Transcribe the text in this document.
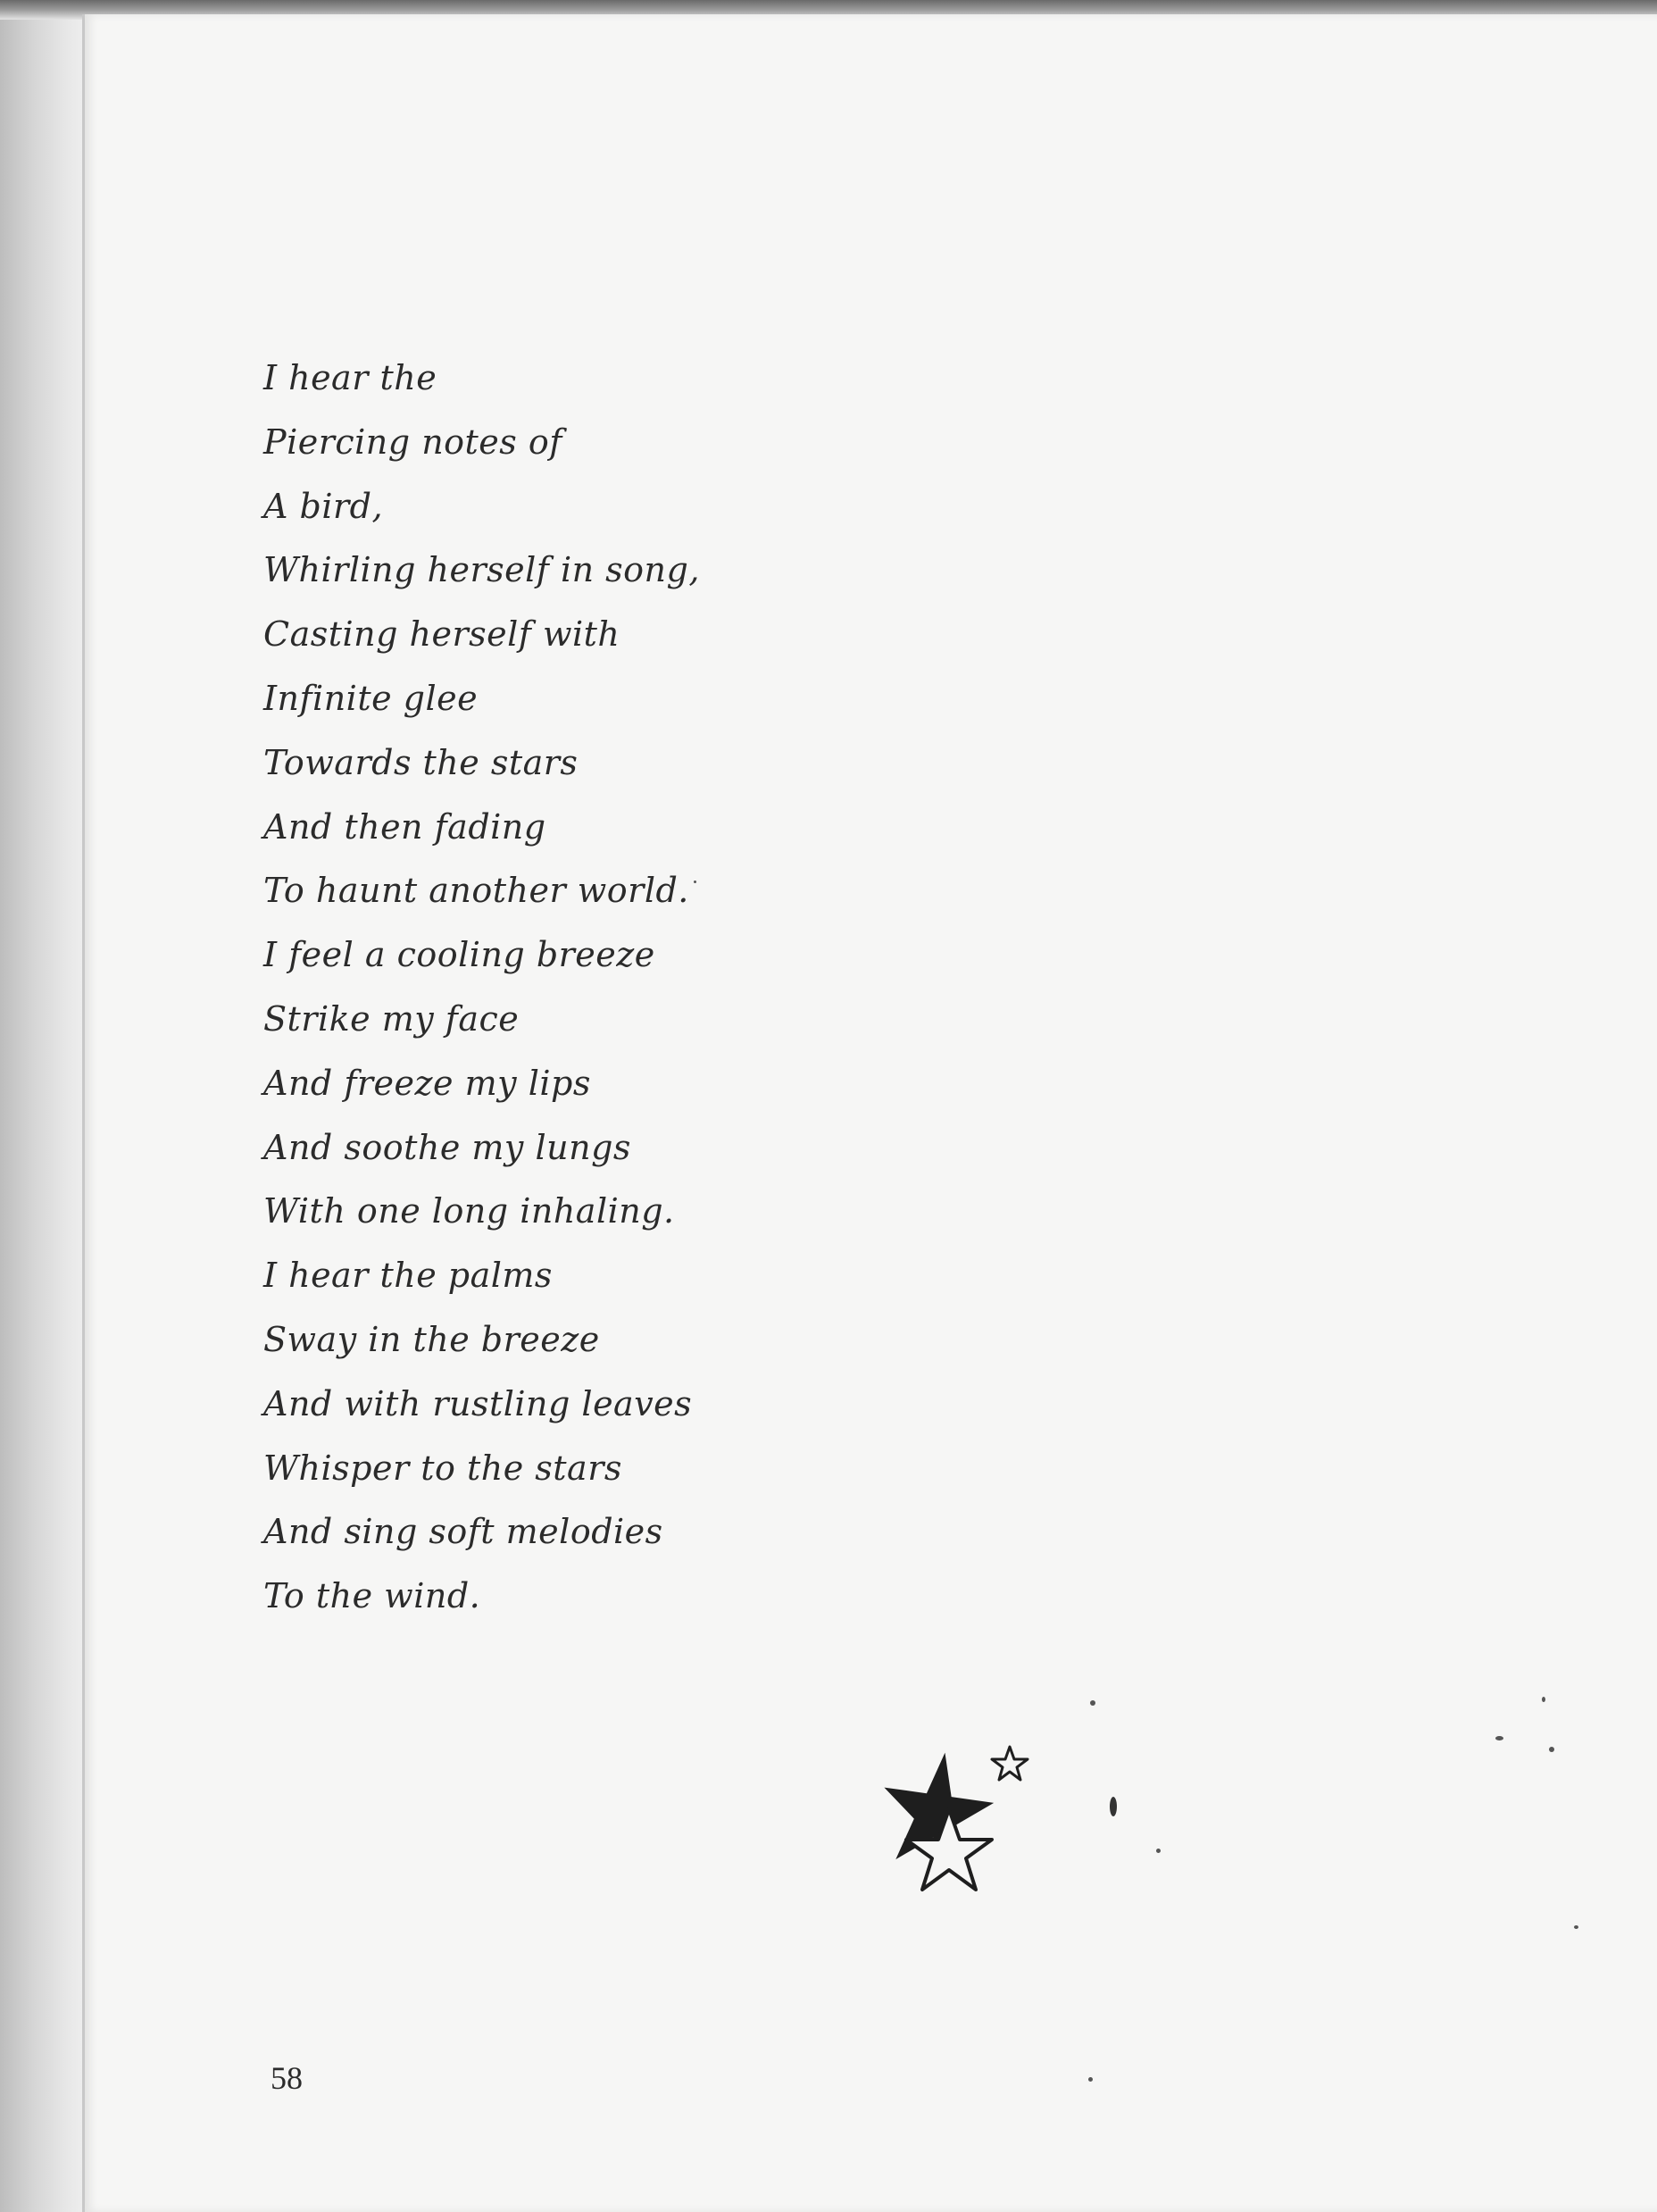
I hear the
Piercing notes of
A bird,
Whirling herself in song,
Casting herself with
Infinite glee
Towards the stars
And then fading
To haunt another world.
I feel a cooling breeze
Strike my face
And freeze my lips
And soothe my lungs
With one long inhaling.
I hear the palms
Sway in the breeze
And with rustling leaves
Whisper to the stars
And sing soft melodies
To the wind.
58
